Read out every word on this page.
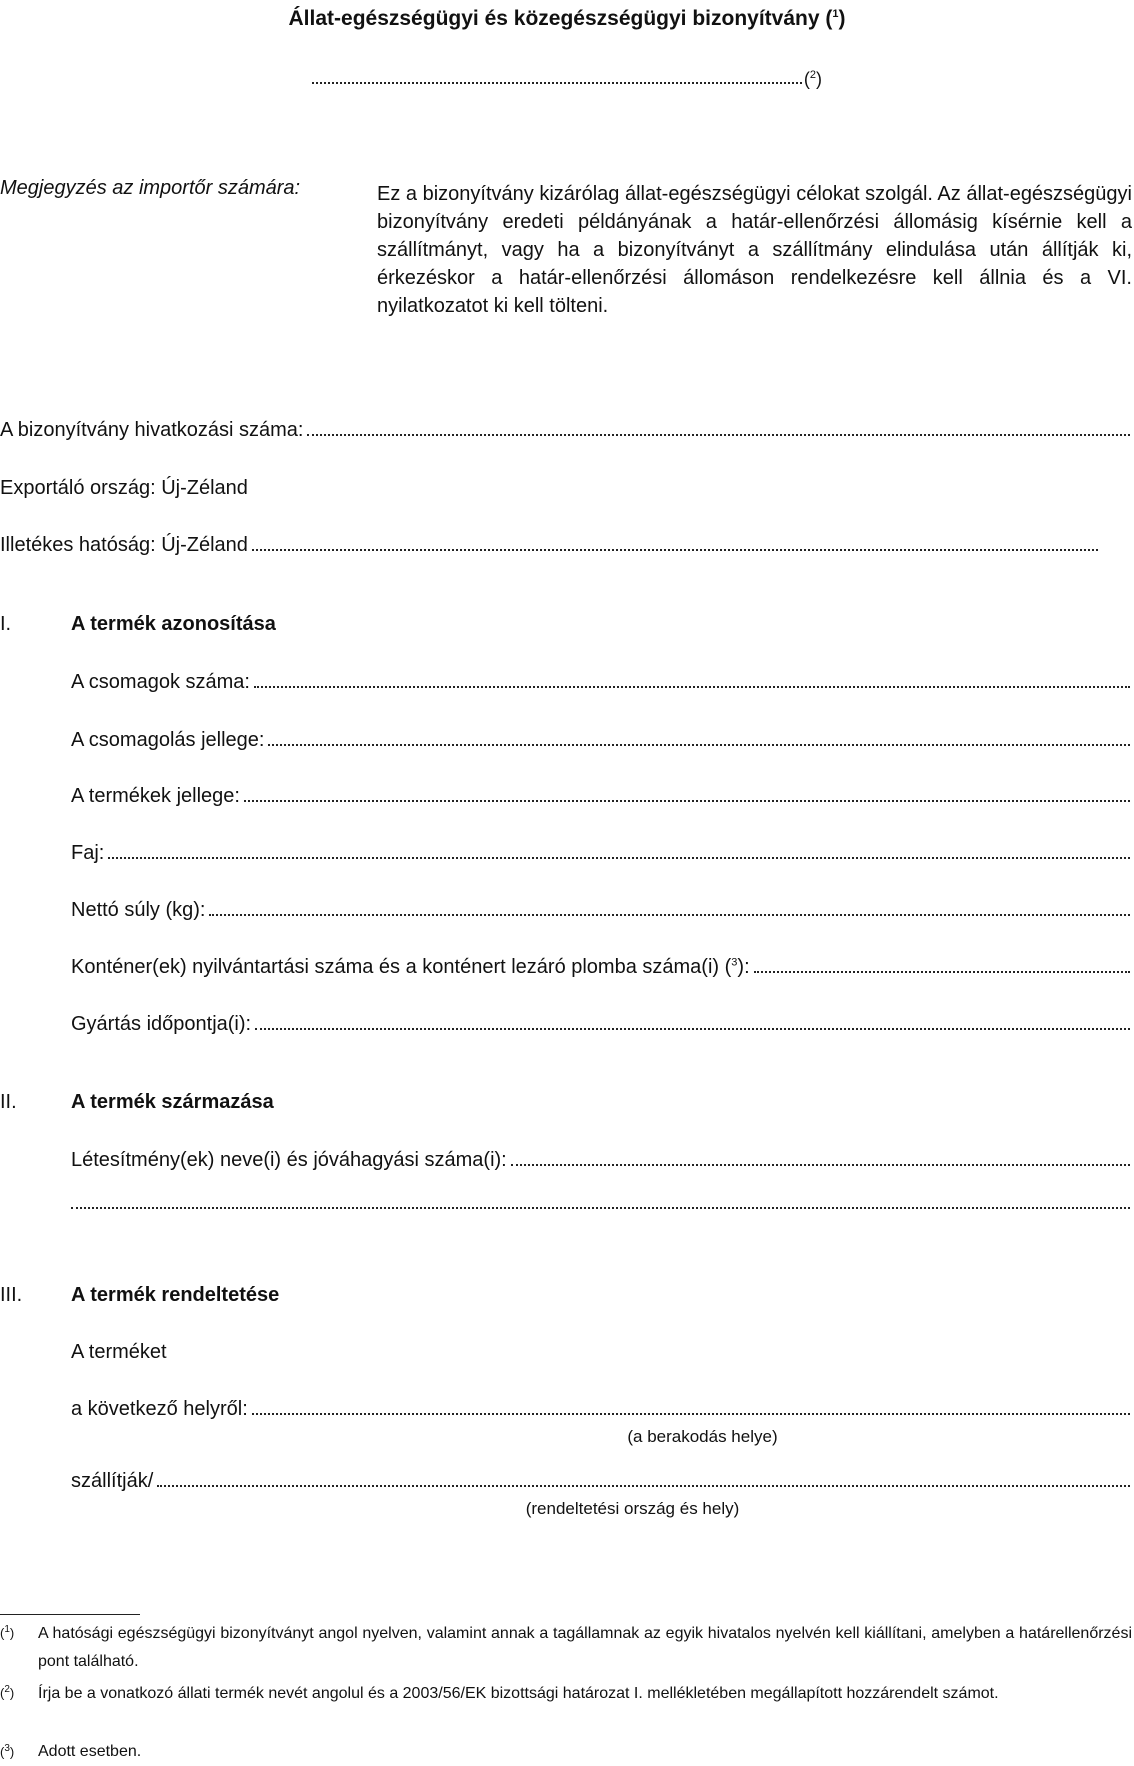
Állat-egészségügyi és közegészségügyi bizonyítvány ($^1$)
($^2$)
Megjegyzés az importőr számára:	Ez a bizonyítvány kizárólag állat-egészségügyi célokat szolgál. Az állat-egészségügyi bizonyítvány eredeti példányának a határ-ellenőrzési állomásig kísérnie kell a szállítmányt, vagy ha a bizonyítványt a szállítmány elindulása után állítják ki, érkezéskor a határ-ellenőrzési állomáson rendelkezésre kell állnia és a VI. nyilatkozatot ki kell tölteni.
A bizonyítvány hivatkozási száma:
Exportáló ország: Új-Zéland
Illetékes hatóság: Új-Zéland
I.	A termék azonosítása
A csomagok száma:
A csomagolás jellege:
A termékek jellege:
Faj:
Nettó súly (kg):
Konténer(ek) nyilvántartási száma és a konténert lezáró plomba száma(i) ($^3$):
Gyártás időpontja(i):
II.	A termék származása
Létesítmény(ek) neve(i) és jóváhagyási száma(i):
III. A termék rendeltetése
A terméket
a következő helyről:
(a berakodás helye)
szállítják/
(rendeltetési ország és hely)
($^1$) A hatósági egészségügyi bizonyítványt angol nyelven, valamint annak a tagállamnak az egyik hivatalos nyelvén kell kiállítani, amelyben a határellenőrzési pont található.
($^2$) Írja be a vonatkozó állati termék nevét angolul és a 2003/56/EK bizottsági határozat I. mellékletében megállapított hozzárendelt számot.
($^3$) Adott esetben.
